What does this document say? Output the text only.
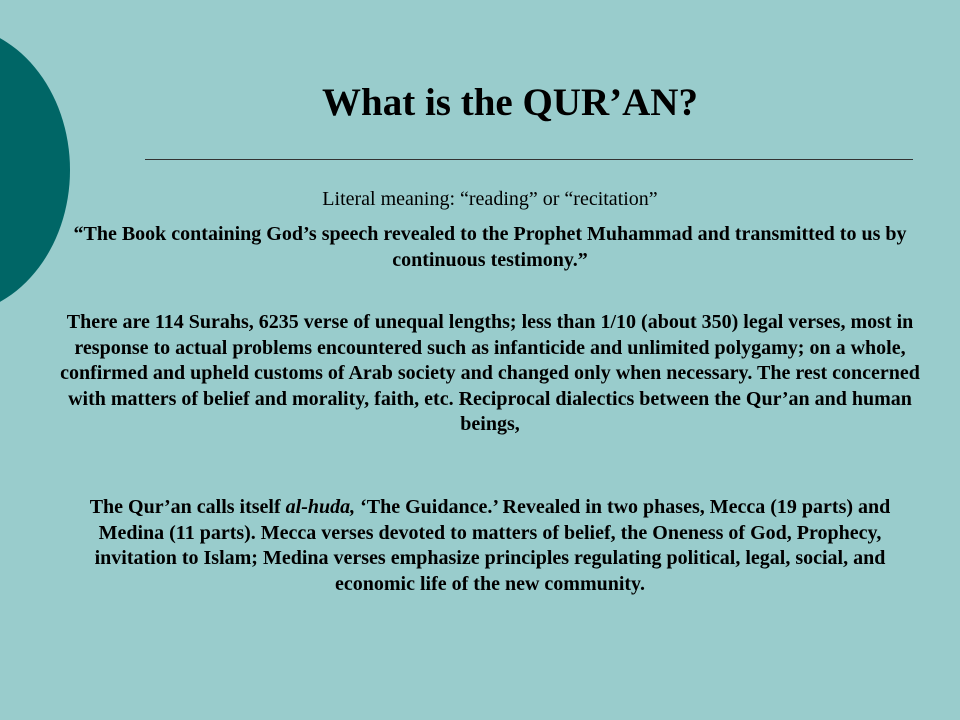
What is the QUR’AN?
Literal meaning: “reading” or “recitation”
“The Book containing God’s speech revealed to the Prophet Muhammad and transmitted to us by continuous testimony.”
There are 114 Surahs, 6235 verse of unequal lengths; less than 1/10 (about 350) legal verses, most in response to actual problems encountered such as infanticide and unlimited polygamy; on a whole, confirmed and upheld customs of Arab society and changed only when necessary. The rest concerned with matters of belief and morality, faith, etc. Reciprocal dialectics between the Qur’an and human beings,
The Qur’an calls itself al-huda, ‘The Guidance.’ Revealed in two phases, Mecca (19 parts) and Medina (11 parts). Mecca verses devoted to matters of belief, the Oneness of God, Prophecy, invitation to Islam; Medina verses emphasize principles regulating political, legal, social, and economic life of the new community.
